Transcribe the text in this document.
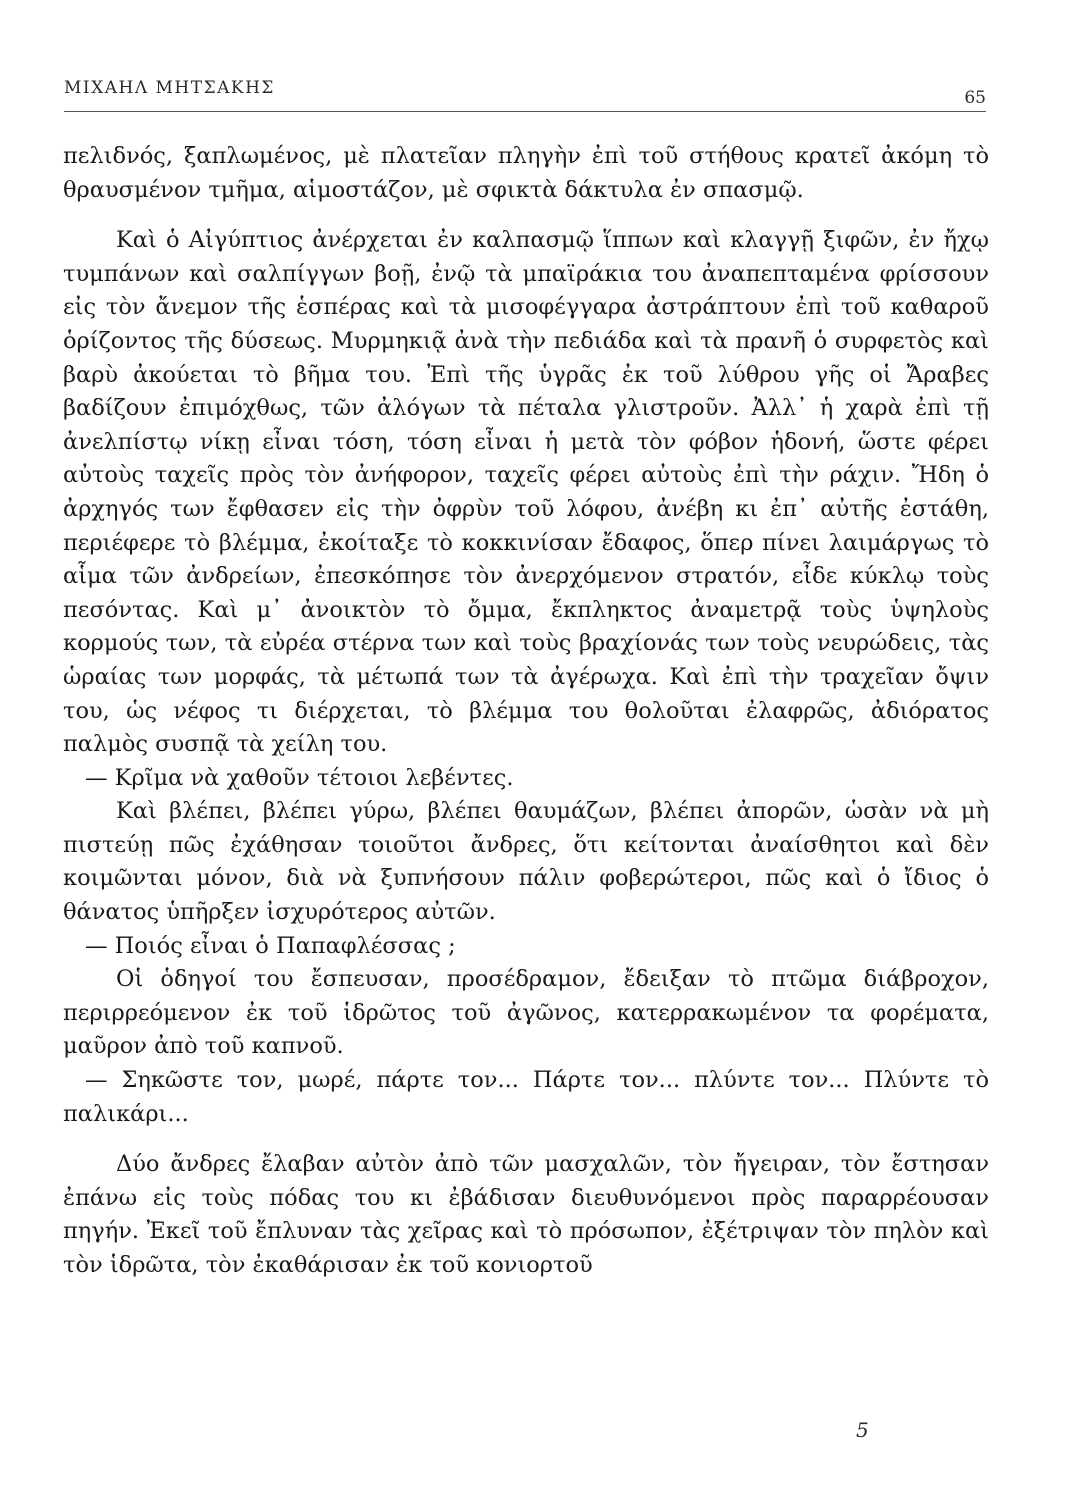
ΜΙΧΑΗΛ ΜΗΤΣΑΚΗΣ	65

πελιδνός, ξαπλωμένος, μὲ πλατεῖαν πληγὴν ἐπὶ τοῦ στήθους κρατεῖ ἀκόμη τὸ θραυσμένον τμῆμα, αἱμοστάζον, μὲ σφικτὰ δάκτυλα ἐν σπασμῷ.

Καὶ ὁ Αἰγύπτιος ἀνέρχεται ἐν καλπασμῷ ἵππων καὶ κλαγγῇ ξιφῶν, ἐν ἤχῳ τυμπάνων καὶ σαλπίγγων βοῇ, ἐνῷ τὰ μπαϊράκια του ἀναπεπταμένα φρίσσουν εἰς τὸν ἄνεμον τῆς ἑσπέρας καὶ τὰ μισοφέγγαρα ἀστράπτουν ἐπὶ τοῦ καθαροῦ ὁρίζοντος τῆς δύσεως. Μυρμηκιᾷ ἀνὰ τὴν πεδιάδα καὶ τὰ πρανῆ ὁ συρφετὸς καὶ βαρὺ ἀκούεται τὸ βῆμα του. Ἐπὶ τῆς ὑγρᾶς ἐκ τοῦ λύθρου γῆς οἱ Ἄραβες βαδίζουν ἐπιμόχθως, τῶν ἀλόγων τὰ πέταλα γλιστροῦν. Ἀλλ᾽ ἡ χαρὰ ἐπὶ τῇ ἀνελπίστῳ νίκῃ εἶναι τόση, τόση εἶναι ἡ μετὰ τὸν φόβον ἡδονή, ὥστε φέρει αὐτοὺς ταχεῖς πρὸς τὸν ἀνήφορον, ταχεῖς φέρει αὐτοὺς ἐπὶ τὴν ράχιν. Ἤδη ὁ ἀρχηγός των ἔφθασεν εἰς τὴν ὀφρὺν τοῦ λόφου, ἀνέβη κι ἐπ᾽ αὐτῆς ἐστάθη, περιέφερε τὸ βλέμμα, ἐκοίταξε τὸ κοκκινίσαν ἔδαφος, ὅπερ πίνει λαιμάργως τὸ αἷμα τῶν ἀνδρείων, ἐπεσκόπησε τὸν ἀνερχόμενον στρατόν, εἶδε κύκλῳ τοὺς πεσόντας. Καὶ μ᾽ ἀνοικτὸν τὸ ὄμμα, ἔκπληκτος ἀναμετρᾷ τοὺς ὑψηλοὺς κορμούς των, τὰ εὐρέα στέρνα των καὶ τοὺς βραχίονάς των τοὺς νευρώδεις, τὰς ὡραίας των μορφάς, τὰ μέτωπά των τὰ ἀγέρωχα. Καὶ ἐπὶ τὴν τραχεῖαν ὄψιν του, ὡς νέφος τι διέρχεται, τὸ βλέμμα του θολοῦται ἐλαφρῶς, ἀδιόρατος παλμὸς συσπᾷ τὰ χείλη του.

— Κρῖμα νὰ χαθοῦν τέτοιοι λεβέντες.

Καὶ βλέπει, βλέπει γύρω, βλέπει θαυμάζων, βλέπει ἀπορῶν, ὡσὰν νὰ μὴ πιστεύῃ πῶς ἐχάθησαν τοιοῦτοι ἄνδρες, ὅτι κείτονται ἀναίσθητοι καὶ δὲν κοιμῶνται μόνον, διὰ νὰ ξυπνήσουν πάλιν φοβερώτεροι, πῶς καὶ ὁ ἴδιος ὁ θάνατος ὑπῆρξεν ἰσχυρότερος αὐτῶν.

— Ποιός εἶναι ὁ Παπαφλέσσας ;

Οἱ ὁδηγοί του ἔσπευσαν, προσέδραμον, ἔδειξαν τὸ πτῶμα διάβροχον, περιρρεόμενον ἐκ τοῦ ἱδρῶτος τοῦ ἀγῶνος, κατερρακωμένον τα φορέματα, μαῦρον ἀπὸ τοῦ καπνοῦ.

— Σηκῶστε τον, μωρέ, πάρτε τον... Πάρτε τον... πλύντε τον... Πλύντε τὸ παλικάρι...

Δύο ἄνδρες ἔλαβαν αὐτὸν ἀπὸ τῶν μασχαλῶν, τὸν ἤγειραν, τὸν ἔστησαν ἐπάνω εἰς τοὺς πόδας του κι ἐβάδισαν διευθυνόμενοι πρὸς παραρρέουσαν πηγήν. Ἐκεῖ τοῦ ἔπλυναν τὰς χεῖρας καὶ τὸ πρόσωπον, ἐξέτριψαν τὸν πηλὸν καὶ τὸν ἱδρῶτα, τὸν ἐκαθάρισαν ἐκ τοῦ κονιορτοῦ

5
